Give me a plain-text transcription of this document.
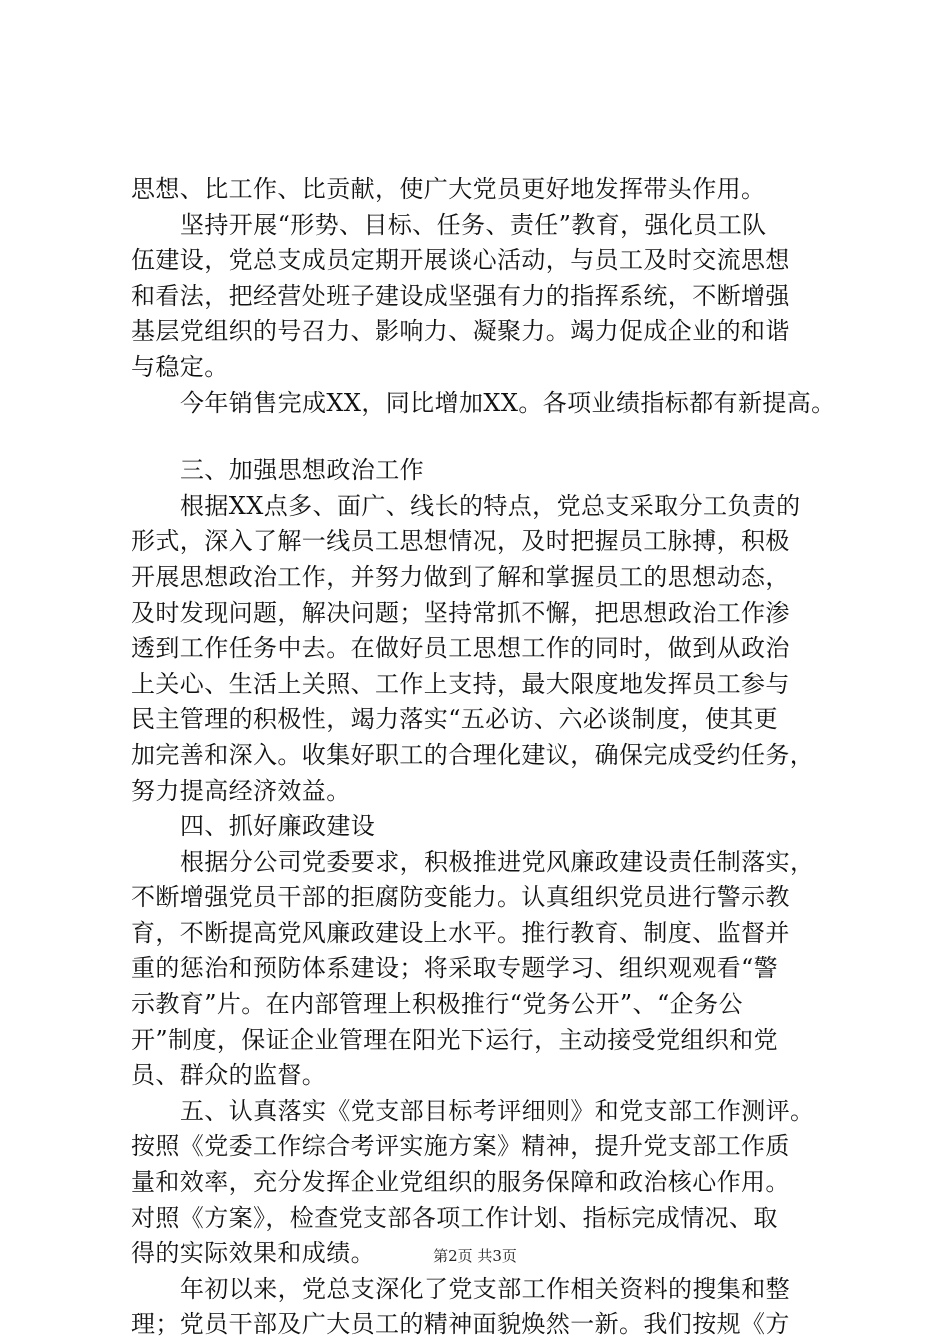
思想、比工作、比贡献，使广大党员更好地发挥带头作用。
坚持开展“形势、目标、任务、责任”教育，强化员工队
伍建设，党总支成员定期开展谈心活动，与员工及时交流思想
和看法，把经营处班子建设成坚强有力的指挥系统，不断增强
基层党组织的号召力、影响力、凝聚力。竭力促成企业的和谐
与稳定。
今年销售完成XX，同比增加XX。各项业绩指标都有新提高。
三、加强思想政治工作
根据XX点多、面广、线长的特点，党总支采取分工负责的
形式，深入了解一线员工思想情况，及时把握员工脉搏，积极
开展思想政治工作，并努力做到了解和掌握员工的思想动态，
及时发现问题，解决问题；坚持常抓不懈，把思想政治工作渗
透到工作任务中去。在做好员工思想工作的同时，做到从政治
上关心、生活上关照、工作上支持，最大限度地发挥员工参与
民主管理的积极性，竭力落实“五必访、六必谈制度，使其更
加完善和深入。收集好职工的合理化建议，确保完成受约任务，
努力提高经济效益。
四、抓好廉政建设
根据分公司党委要求，积极推进党风廉政建设责任制落实，
不断增强党员干部的拒腐防变能力。认真组织党员进行警示教
育，不断提高党风廉政建设上水平。推行教育、制度、监督并
重的惩治和预防体系建设；将采取专题学习、组织观观看“警
示教育”片。在内部管理上积极推行“党务公开”、“企务公
开”制度，保证企业管理在阳光下运行，主动接受党组织和党
员、群众的监督。
五、认真落实《党支部目标考评细则》和党支部工作测评。
按照《党委工作综合考评实施方案》精神，提升党支部工作质
量和效率，充分发挥企业党组织的服务保障和政治核心作用。
对照《方案》，检查党支部各项工作计划、指标完成情况、取
得的实际效果和成绩。
年初以来，党总支深化了党支部工作相关资料的搜集和整
理；党员干部及广大员工的精神面貌焕然一新。我们按规《方
第2页 共3页
